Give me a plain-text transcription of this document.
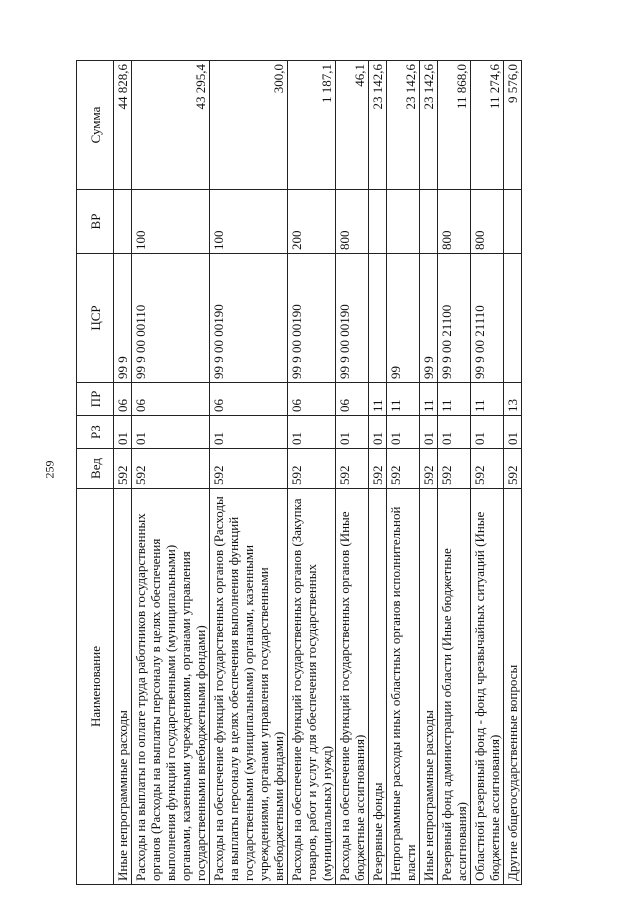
259
Наименование	Вед	РЗ	ПР	ЦСР	ВР	Сумма
Иные непрограммные расходы	592	01	06	99 9		44 828,6
Расходы на выплаты по оплате труда работников государственных органов (Расходы на выплаты персоналу в целях обеспечения выполнения функций государственными (муниципальными) органами, казенными учреждениями, органами управления государственными внебюджетными фондами)	592	01	06	99 9 00 00110	100	43 295,4
Расходы на обеспечение функций государственных органов (Расходы на выплаты персоналу в целях обеспечения выполнения функций государственными (муниципальными) органами, казенными учреждениями, органами управления государственными внебюджетными фондами)	592	01	06	99 9 00 00190	100	300,0
Расходы на обеспечение функций государственных органов (Закупка товаров, работ и услуг для обеспечения государственных (муниципальных) нужд)	592	01	06	99 9 00 00190	200	1 187,1
Расходы на обеспечение функций государственных органов (Иные бюджетные ассигнования)	592	01	06	99 9 00 00190	800	46,1
Резервные фонды	592	01	11			23 142,6
Непрограммные расходы иных областных органов исполнительной власти	592	01	11	99		23 142,6
Иные непрограммные расходы	592	01	11	99 9		23 142,6
Резервный фонд администрации области (Иные бюджетные ассигнования)	592	01	11	99 9 00 21100	800	11 868,0
Областной резервный фонд - фонд чрезвычайных ситуаций (Иные бюджетные ассигнования)	592	01	11	99 9 00 21110	800	11 274,6
Другие общегосударственные вопросы	592	01	13			9 576,0
